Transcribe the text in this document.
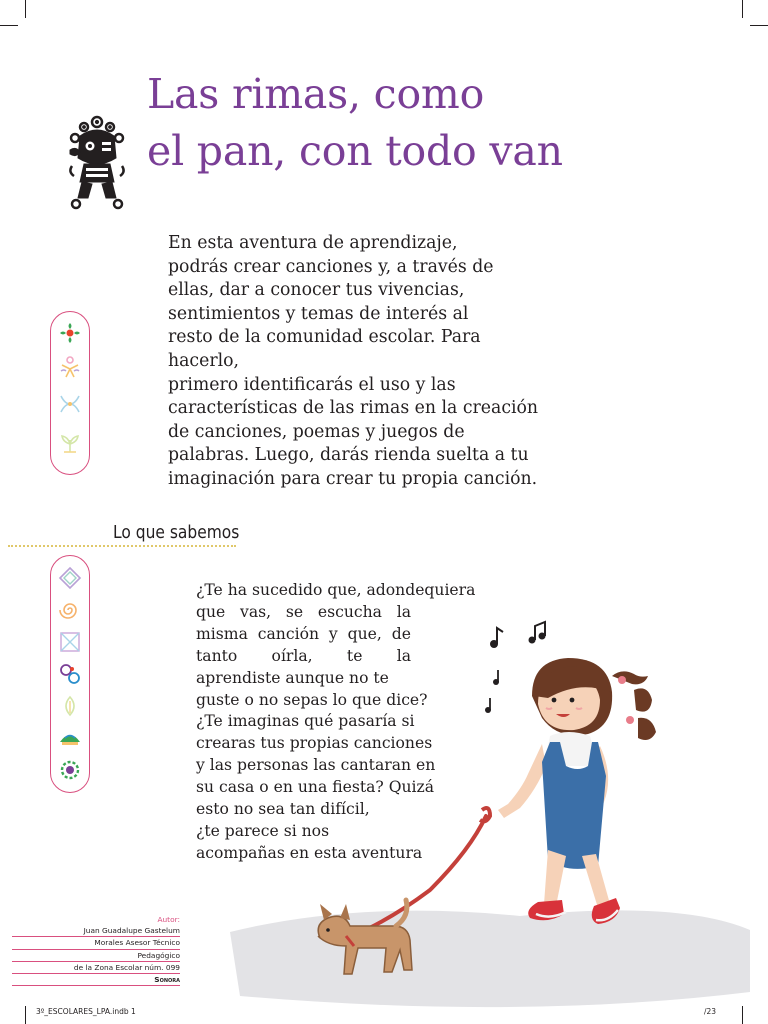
Las rimas, como
el pan, con todo van

En esta aventura de aprendizaje,
podrás crear canciones y, a través de
ellas, dar a conocer tus vivencias,
sentimientos y temas de interés al
resto de la comunidad escolar. Para
hacerlo,
primero identificarás el uso y las
características de las rimas en la creación
de canciones, poemas y juegos de
palabras. Luego, darás rienda suelta a tu
imaginación para crear tu propia canción.

Lo que sabemos
¿Te ha sucedido que, adondequiera
que vas, se escucha la
misma canción y que, de
tanto oírla, te la
aprendiste aunque no te
guste o no sepas lo que dice?
¿Te imaginas qué pasaría si
crearas tus propias canciones
y las personas las cantaran en
su casa o en una fiesta? Quizá
esto no sea tan difícil,
¿te parece si nos
acompañas en esta aventura
Autor:
Juan Guadalupe Gastelum
Morales Asesor Técnico
Pedagógico
de la Zona Escolar núm. 099
Sonora
3º_ESCOLARES_LPA.indb 1	/23
